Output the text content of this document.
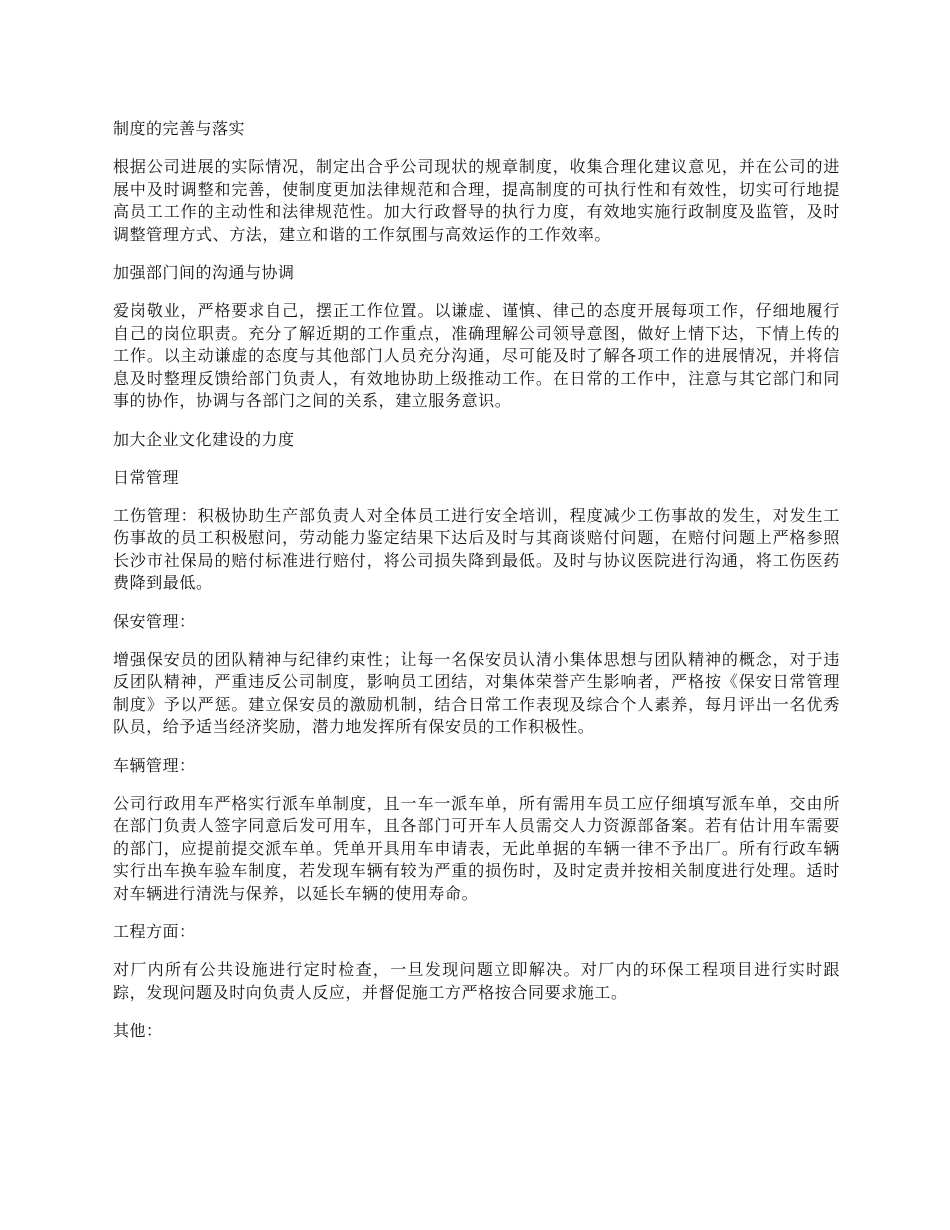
制度的完善与落实
根据公司进展的实际情况，制定出合乎公司现状的规章制度，收集合理化建议意见，并在公司的进展中及时调整和完善，使制度更加法律规范和合理，提高制度的可执行性和有效性，切实可行地提高员工工作的主动性和法律规范性。加大行政督导的执行力度，有效地实施行政制度及监管，及时调整管理方式、方法，建立和谐的工作氛围与高效运作的工作效率。
加强部门间的沟通与协调
爱岗敬业，严格要求自己，摆正工作位置。以谦虚、谨慎、律己的态度开展每项工作，仔细地履行自己的岗位职责。充分了解近期的工作重点，准确理解公司领导意图，做好上情下达，下情上传的工作。以主动谦虚的态度与其他部门人员充分沟通，尽可能及时了解各项工作的进展情况，并将信息及时整理反馈给部门负责人，有效地协助上级推动工作。在日常的工作中，注意与其它部门和同事的协作，协调与各部门之间的关系，建立服务意识。
加大企业文化建设的力度
日常管理
工伤管理：积极协助生产部负责人对全体员工进行安全培训，程度减少工伤事故的发生，对发生工伤事故的员工积极慰问，劳动能力鉴定结果下达后及时与其商谈赔付问题，在赔付问题上严格参照长沙市社保局的赔付标准进行赔付，将公司损失降到最低。及时与协议医院进行沟通，将工伤医药费降到最低。
保安管理：
增强保安员的团队精神与纪律约束性；让每一名保安员认清小集体思想与团队精神的概念，对于违反团队精神，严重违反公司制度，影响员工团结，对集体荣誉产生影响者，严格按《保安日常管理制度》予以严惩。建立保安员的激励机制，结合日常工作表现及综合个人素养，每月评出一名优秀队员，给予适当经济奖励，潜力地发挥所有保安员的工作积极性。
车辆管理：
公司行政用车严格实行派车单制度，且一车一派车单，所有需用车员工应仔细填写派车单，交由所在部门负责人签字同意后发可用车，且各部门可开车人员需交人力资源部备案。若有估计用车需要的部门，应提前提交派车单。凭单开具用车申请表，无此单据的车辆一律不予出厂。所有行政车辆实行出车换车验车制度，若发现车辆有较为严重的损伤时，及时定责并按相关制度进行处理。适时对车辆进行清洗与保养，以延长车辆的使用寿命。
工程方面：
对厂内所有公共设施进行定时检查，一旦发现问题立即解决。对厂内的环保工程项目进行实时跟踪，发现问题及时向负责人反应，并督促施工方严格按合同要求施工。
其他：
